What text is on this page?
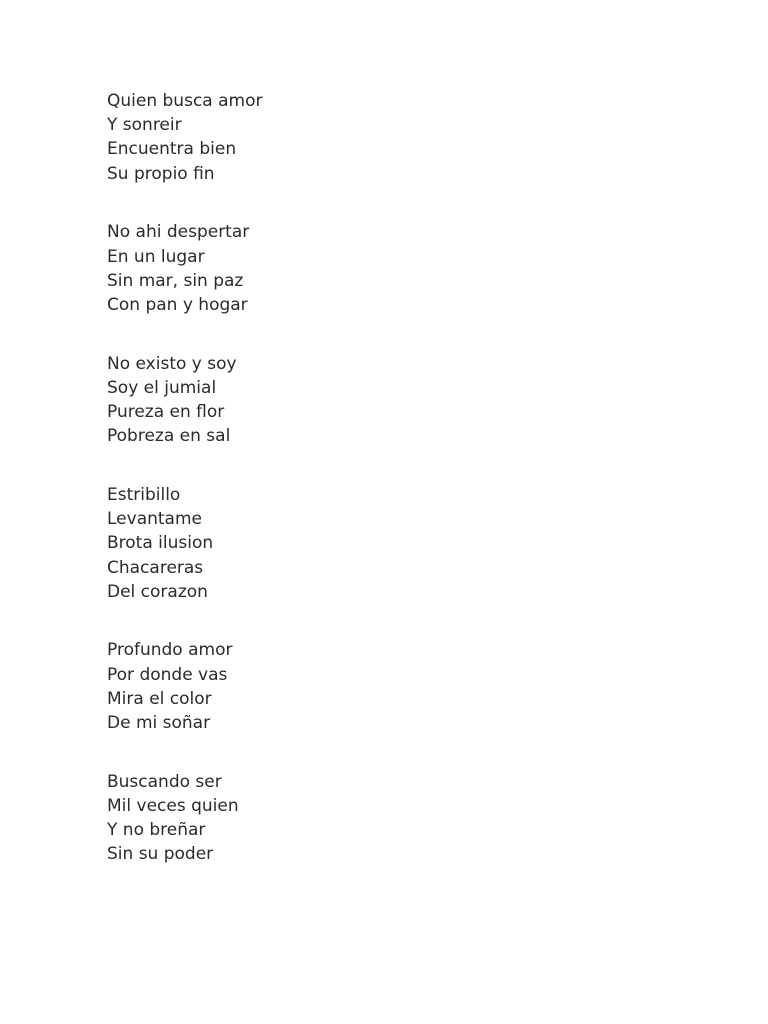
Quien busca amor
Y sonreir
Encuentra bien
Su propio fin
No ahi despertar
En un lugar
Sin mar, sin paz
Con pan y hogar
No existo y soy
Soy el jumial
Pureza en flor
Pobreza en sal
Estribillo
Levantame
Brota ilusion
Chacareras
Del corazon
Profundo amor
Por donde vas
Mira el color
De mi soñar
Buscando ser
Mil veces quien
Y no breñar
Sin su poder
